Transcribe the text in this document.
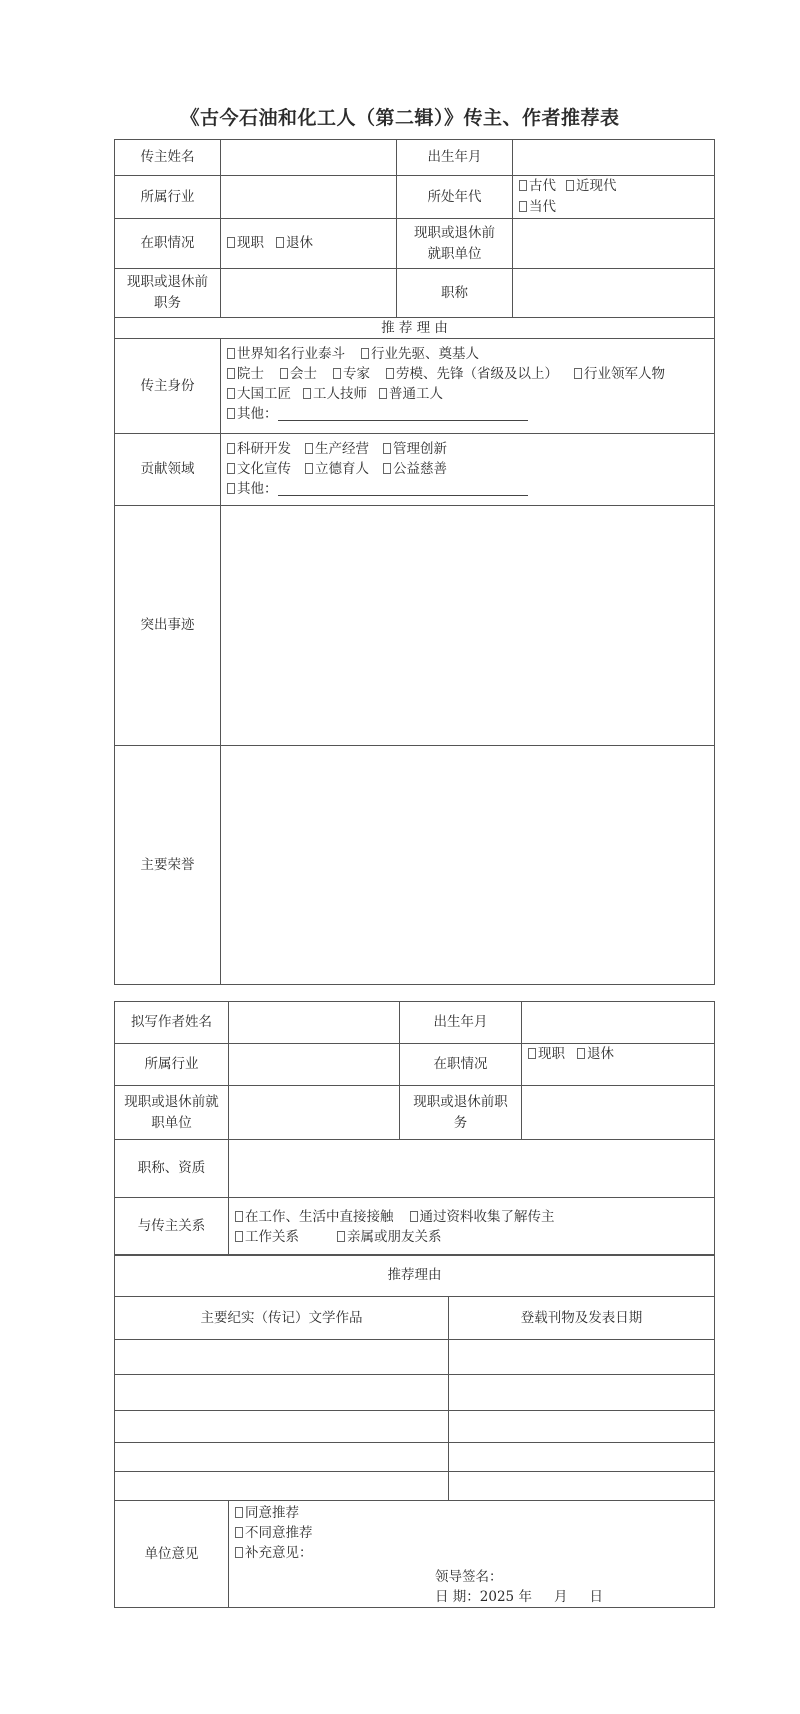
《古今石油和化工人（第二辑）》传主、作者推荐表
传主姓名		出生年月	
所属行业		所处年代	古代 近现代
当代
在职情况	现职 退休	现职或退休前就职单位	
现职或退休前职务		职称	
推 荐 理 由			
传主身份	世界知名行业泰斗 行业先驱、奠基人
院士 会士 专家 劳模、先锋（省级及以上） 行业领军人物 大国工匠 工人技师 普通工人
其他：		
贡献领域	科研开发 生产经营 管理创新
文化宣传 立德育人 公益慈善
其他：		
突出事迹			
主要荣誉			
拟写作者姓名		出生年月	
所属行业		在职情况	现职 退休
现职或退休前就职单位		现职或退休前职务	
职称、资质			
与传主关系	在工作、生活中直接接触 通过资料收集了解传主
工作关系 亲属或朋友关系		
推荐理由		
主要纪实（传记）文学作品		登载刊物及发表日期

单位意见	同意推荐
不同意推荐
补充意见：
领导签名：
日 期：2025 年 月 日	
